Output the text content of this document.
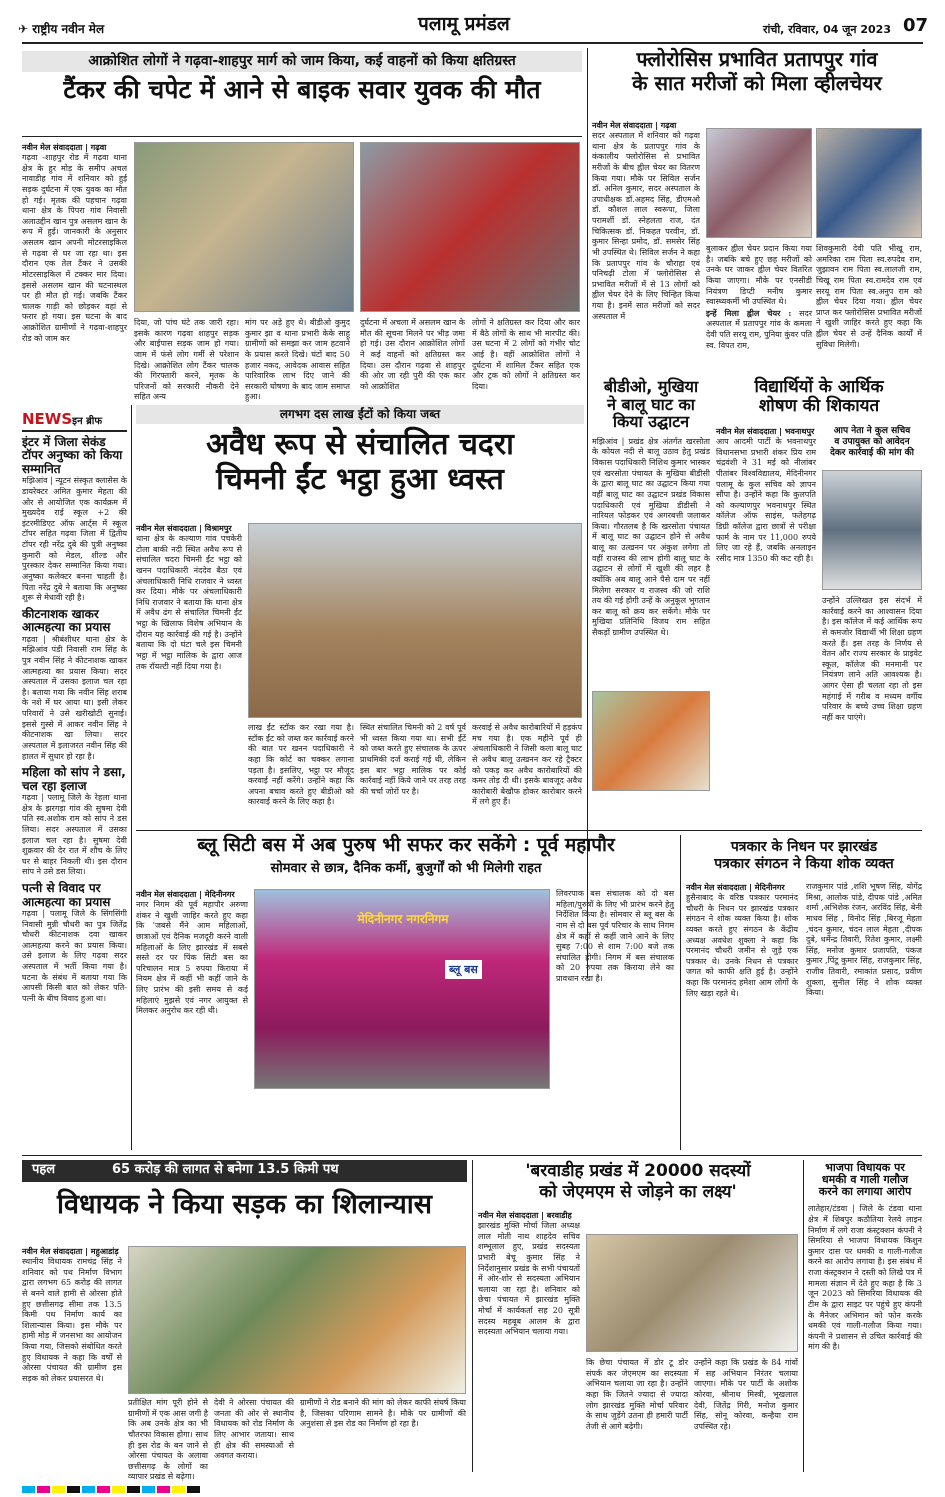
✈ राष्ट्रीय नवीन मेल	पलामू प्रमंडल	रांची, रविवार, 04 जून 2023 07
आक्रोशित लोगों ने गढ़वा-शाहपुर मार्ग को जाम किया, कई वाहनों को किया क्षतिग्रस्त
टैंकर की चपेट में आने से बाइक सवार युवक की मौत
नवीन मेल संवाददाता | गढ़वा
गढ़वा -शाहपुर रोड में गढ़वा थाना क्षेत्र के हुर मोड़ के समीप अचल नावाडीह गांव में शनिवार को हुई सड़क दुर्घटना में एक युवक का मौत हो गई। मृतक की पहचान गढ़वा थाना क्षेत्र के पिपरा गांव निवासी अलाउद्दीन खान पुत्र असलम खान के रूप में हुई। जानकारी के अनुसार असलम खान अपनी मोटरसाइकिल से गढ़वा से घर जा रहा था। इस दौरान एक तेल टैंकर ने उसकी मोटरसाइकिल में टक्कर मार दिया। इससे असलम खान की घटनास्थल पर ही मौत हो गई। जबकि टैंकर चालक गाड़ी को छोड़कर वहां से फरार हो गया। इस घटना के बाद आक्रोशित ग्रामीणों ने गढ़वा-शाहपुर रोड को जाम कर
दिया, जो पांच घंटे तक जारी रहा। इसके कारण गढ़वा शाहपुर सड़क और बाईपास सड़क जाम हो गया। जाम में फंसे लोग गर्मी से परेशान दिखे। आक्रोशित लोग टैंकर चालक की गिरफ्तारी करने, मृतक के परिजनों को सरकारी नौकरी देने सहित अन्य
मांग पर अड़े हुए थे। बीडीओ कुमुद कुमार झा व थाना प्रभारी केके साहू ग्रामीणों को समझा कर जाम हटवाने के प्रयास करते दिखे। घंटों बाद 50 हजार नकद, आवेदक आवास सहित पारिवारिक लाभ दिए जाने की सरकारी घोषणा के बाद जाम समाप्त हुआ।
दुर्घटना में अचला में असलम खान के मौत की सूचना मिलने पर भीड़ जमा हो गई। उस दौरान आक्रोशित लोगों ने कई वाहनों को क्षतिग्रस्त कर दिया। उस दौरान गढ़वा से शाहपुर की ओर जा रही पुरी की एक कार को आक्रोशित
लोगों ने क्षतिग्रस्त कर दिया और कार में बैठे लोगों के साथ भी मारपीट की। उस घटना में 2 लोगों को गंभीर चोट आई है। वहीं आक्रोशित लोगों ने दुर्घटना में शामिल टैंकर सहित एक और ट्रक को लोगों ने क्षतिग्रस्त कर दिया।
फ्लोरोसिस प्रभावित प्रतापपुर गांव
के सात मरीजों को मिला व्हीलचेयर
नवीन मेल संवाददाता | गढ़वा
सदर अस्पताल में शनिवार को गढ़वा थाना क्षेत्र के प्रतापपुर गांव के कंकालीय फ्लोरोसिस से प्रभावित मरीजों के बीच ह्वील चेयर का वितरण किया गया। मौके पर सिविल सर्जन डॉ. अनिल कुमार, सदर अस्पताल के उपाधीक्षक डॉ.अहमद सिंह, डीएमओ डॉ. कौशल लाल स्वरूपा, जिला परामर्शी डॉ. स्नेहलता राज, दंत चिकित्सक डॉ. निकहत परवीन, डॉ. कुमार सिन्हा प्रमोद, डॉ. समसेर सिंह भी उपस्थित थे। सिविल सर्जन ने कहा कि प्रतापपुर गांव के चौराहा एवं पनिचढ़ी टोला में फ्लोरोसिस से प्रभावित मरीजों में से 13 लोगों को ह्वील चेयर देने के लिए चिन्हित किया गया है। इनमें सात मरीजों को सदर अस्पताल में
बुलाकर ह्वील चेयर प्रदान किया गया है। जबकि बचे हुए छह मरीजों को उनके घर जाकर ह्वील चेयर वितरित किया जाएगा। मौके पर एनसीडी नियंत्रण डिप्टी मनीष कुमार स्वास्थ्यकर्मी भी उपस्थित थे।
इन्हें मिला ह्वील चेयर : सदर अस्पताल में प्रतापपुर गांव के कमला देवी पति सरयू राम, पुनिया कुंवर पति स्व. विपत राम,
शिवकुमारी देवी पति भीखू राम, अमरिका राम पिता स्व.रुपदेव राम, जुझावन राम पिता स्व.लालजी राम, चिखू राम पिता स्व.रामदेव राम एवं सरयू राम पिता स्व.अनुप राम को ह्वील चेयर दिया गया। ह्वील चेयर प्राप्त कर फ्लोरोसिस प्रभावित मरीजों ने खुशी जाहिर करते हुए कहा कि ह्वील चेयर से उन्हें दैनिक कार्यों में सुविधा मिलेगी।
NEWSइन ब्रीफ
इंटर में जिला सेकंड टॉपर अनुष्का को किया सम्मानित
मझिआंव | न्यूटन संस्कृत क्लासेस के डायरेक्टर अमित कुमार मेहता की ओर से आयोजित एक कार्यक्रम में मुख्यदेव राई स्कूल +2 की इंटरमीडिएट ऑफ आर्ट्स में स्कूल टॉपर सहित गढ़वा जिला में द्वितीय टॉपर रही नरेंद्र दुबे की पुत्री अनुष्का कुमारी को मेडल, शील्ड और पुरस्कार देकर सम्मानित किया गया। अनुष्का कलेक्टर बनना चाहती है। पिता नरेंद्र दुबे ने बताया कि अनुष्का शुरू से मेधावी रही है।
कीटनाशक खाकर आत्महत्या का प्रयास
गढ़वा | श्रीबंशीधर थाना क्षेत्र के मझिआंव पंडी निवासी राम सिंह के पुत्र नवीन सिंह ने कीटनाशक खाकर आत्महत्या का प्रयास किया। सदर अस्पताल में उसका इलाज चल रहा है। बताया गया कि नवीन सिंह शराब के नशे में घर आया था। इसी लेकर परिवारों ने उसे खरीखोटी सुनाई। इससे गुस्से में आकर नवीन सिंह ने कीटनाशक खा लिया। सदर अस्पताल में इलाजरत नवीन सिंह की हालत में सुधार हो रहा है।
महिला को सांप ने डसा, चल रहा इलाज
गढ़वा | पलामू जिले के रेहला थाना क्षेत्र के झरगड़ा गांव की सुषमा देवी पति स्व.अशोक राम को सांप ने डस लिया। सदर अस्पताल में उसका इलाज चल रहा है। सुषमा देवी शुक्रवार की देर रात में शौच के लिए घर से बाहर निकली थी। इस दौरान सांप ने उसे डस लिया।
पत्नी से विवाद पर आत्महत्या का प्रयास
गढ़वा | पलामू जिले के सिंगसिंगी निवासी मुन्नी चौधरी का पुत्र जितेंद्र चौधरी कीटनाशक दवा खाकर आत्महत्या करने का प्रयास किया। उसे इलाज के लिए गढ़वा सदर अस्पताल में भर्ती किया गया है। घटना के संबंध में बताया गया कि आपसी किसी बात को लेकर पति-पत्नी के बीच विवाद हुआ था।
लगभग दस लाख ईंटों को किया जब्त
अवैध रूप से संचालित चदरा
चिमनी ईंट भट्ठा हुआ ध्वस्त
नवीन मेल संवाददाता | विश्रामपुर
थाना क्षेत्र के कल्याण गांव पचकेरी टोला बाकी नदी स्थित अवैध रूप से संचालित चदरा चिमनी ईंट भट्ठा को खनन पदाधिकारी नंददेव बैठा एवं अंचलाधिकारी निधि राजवार ने ध्वस्त कर दिया। मौके पर अंचलाधिकारी निधि राजवार ने बताया कि थाना क्षेत्र में अवैध ढंग से संचालित चिमनी ईंट भट्ठा के खिलाफ विशेष अभियान के दौरान यह कार्रवाई की गई है। उन्होंने बताया कि दो घंटा चले इस चिमनी भट्ठा में भट्ठा मालिक के द्वारा आज तक रॉयल्टी नहीं दिया गया है।
लाख ईंट स्टॉक कर रखा गया है। स्टॉक ईंट को जब्त कर कार्रवाई करने की बात पर खनन पदाधिकारी ने कहा कि कोर्ट का चक्कर लगाना पड़ता है। इसलिए, भट्ठा पर मौजूद करवाई नहीं करेंगे। उन्होंने कहा कि अपना बचाव करते हुए बीडीओ को कारवाई करने के लिए कहा है।
स्थित संचालित चिमनी को 2 वर्ष पूर्व भी ध्वस्त किया गया था। सभी ईंटें को जब्त करते हुए संचालक के ऊपर प्राथमिकी दर्ज कराई गई थी, लेकिन इस बार भट्ठा मालिक पर कोई कार्रवाई नहीं किये जाने पर तरह तरह की चर्चा जोरों पर है।
करवाई से अवैध कारोबारियों में हड़कंप मच गया है। एक महीने पूर्व ही अंचलाधिकारी ने जिसी कला बालू घाट से अवैध बालू उत्खनन कर रहे ट्रैक्टर को पकड़ कर अवैध कारोबारियों की कमर तोड़ दी थी। इसके बावजूद अवैध कारोबारी बेखौफ होकर कारोबार करने में लगे हुए हैं।
बीडीओ, मुखिया
ने बालू घाट का
किया उद्घाटन
मझिआंव | प्रखंड क्षेत्र अंतर्गत खरसोता के कोयल नदी से बालू उठाव हेतु प्रखंड विकास पदाधिकारी निशिथ कुमार भास्कर एवं खरसोता पंचायत के मुखिया बीडीसी के द्वारा बालू घाट का उद्घाटन किया गया वहीं बालू घाट का उद्घाटन प्रखंड विकास पदाधिकारी एवं मुखिया डीडीसी ने नारियल फोड़कर एवं अगरबत्ती जलाकर किया। गौरतलब है कि खरसोता पंचायत में बालू घाट का उद्घाटन होने से अवैध बालू का उत्खनन पर अंकुश लगेगा तो वहीं राजस्व की लाभ होगी बालू घाट के उद्घाटन से लोगों में खुशी की लहर है क्योंकि अब बालू आने पैसे दाम पर नहीं मिलेगा सरकार व राजस्व की जो राशि तय की गई होगी उन्हें के अनुकूल भुगतान कर बालू को क्रय कर सकेंगे। मौके पर मुखिया प्रतिनिधि विजय राम सहित सैकड़ों ग्रामीण उपस्थित थे।
विद्यार्थियों के आर्थिक
शोषण की शिकायत
नवीन मेल संवाददाता | भवनाथपुर
आप आदमी पार्टी के भवनाथपुर विधानसभा प्रभारी शंकर प्रिय राम चंद्रवंशी ने 31 मई को नीलांबर पीतांबर विश्वविद्यालय, मेदिनीनगर पलामू के कुल सचिव को ज्ञापन सौंपा है। उन्होंने कहा कि कुलपति को कल्याणपुर भवनाथपुर स्थित कॉलेज ऑफ साइंस, फतेहगढ़ डिग्री कॉलेज द्वारा छात्रों से परीक्षा फार्म के नाम पर 11,000 रुपये लिए जा रहे हैं, जबकि अनलाइन रसीद मात्र 1350 की कट रही है।
आप नेता ने कुल सचिव
व उपायुक्त को आवेदन
देकर कार्रवाई की मांग की
उन्होंने उल्लिखत इस संदर्भ में कार्रवाई करने का आश्वासन दिया है। इस कॉलेज में कई आर्थिक रूप से कमजोर विद्यार्थी भी शिक्षा ग्रहण करते हैं। इस तरह के निर्णय से वेतन और राज्य सरकार के प्राइवेट स्कूल, कॉलेज की मनमानी पर नियंत्रण लाने अति आवश्यक है। आगर ऐसा ही चलता रहा तो इस महंगाई में गरीब व मध्यम वर्गीय परिवार के बच्चे उच्च शिक्षा ग्रहण नहीं कर पाएंगे।
ब्लू सिटी बस में अब पुरुष भी सफर कर सकेंगे : पूर्व महापौर
सोमवार से छात्र, दैनिक कर्मी, बुजुर्गों को भी मिलेगी राहत
नवीन मेल संवाददाता | मेदिनीनगर
नगर निगम की पूर्व महापौर अरुणा शंकर ने खुशी जाहिर करते हुए कहा कि 'जबसे मैंने आम महिलाओं, छात्राओं एवं दैनिक मजदूरी करने वाली महिलाओं के लिए झारखंड में सबसे सस्ते दर पर पिंक सिटी बस का परिचालन मात्र 5 रुपया किराया में नियम क्षेत्र में कहीं भी कहीं जाने के लिए प्रारंभ की इसी समय से कई महिलाएं मुझसे एवं नगर आयुक्त से मिलकर अनुरोध कर रही थी।
मेदिनीनगर नगरनिगम
ब्लू बस
लिवरपाक बस संचालक को दो बस महिला/पुरुषों के लिए भी प्रारंभ करने हेतु निर्देशित किया है। सोमवार से ब्लू बस के नाम से दो बस पूर्व परिचार के साथ निगम क्षेत्र में कहीं से कहीं जाने आने के लिए सुबह 7:00 से शाम 7:00 बजे तक संचालित होगी। निगम में बस संचालक को 20 रुपया तक किराया लेने का प्रावधान रखा है।
पत्रकार के निधन पर झारखंड
पत्रकार संगठन ने किया शोक व्यक्त
नवीन मेल संवाददाता | मेदिनीनगर
हुसैनाबाद के वरिष्ठ पत्रकार परमानंद चौधरी के निधन पर झारखंड पत्रकार संगठन ने शोक व्यक्त किया है। शोक व्यक्त करते हुए संगठन के केंद्रीय अध्यक्ष अवधेश शुक्ला ने कहा कि परमानंद चौधरी जमीन से जुड़े एक पत्रकार थे। उनके निधन से पत्रकार जगत को काफी क्षति हुई है। उन्होंने कहा कि परमानंद हमेशा आम लोगों के लिए खड़ा रहते थे।
राजकुमार पांडे ,शशि भूषण सिंह, योगेंद्र मिश्रा, आलोक पांडे, दीपक पांडे ,अमित शर्मा ,अभिशेक रंजन, अरविंद सिंह, बेनी माधव सिंह , विनोद सिंह ,बिरजू मेहता ,चंदन कुमार, चंदन लाल मेहता ,दीपक दुबे, धर्मेन्द्र तिवारी, रितेश कुमार, लक्ष्मी सिंह, मनोज कुमार प्रजापति, पंकज कुमार ,पिंटू कुमार सिंह, राजकुमार सिंह, राजीव तिवारी, रमाकांत प्रसाद, प्रवीण शुक्ला, सुनील सिंह ने शोक व्यक्त किया।
पहल	65 करोड़ की लागत से बनेगा 13.5 किमी पथ
विधायक ने किया सड़क का शिलान्यास
नवीन मेल संवाददाता | महुआडांड़
स्थानीय विधायक रामचंद्र सिंह ने शनिवार को पथ निर्माण विभाग द्वारा लगभग 65 करोड़ की लागत से बनने वाले हामी से ओरसा होते हुए छत्तीसगढ़ सीमा तक 13.5 किमी पथ निर्माण कार्य का शिलान्यास किया। इस मौके पर हामी मोड़ में जनसभा का आयोजन किया गया, जिसको संबोधित करते हुए विधायक ने कहा कि वर्षों से ओरसा पंचायत की ग्रामीण इस सड़क को लेकर प्रयासरत थे।
प्रतीक्षित मांग पूरी होने से ग्रामीणों में एक आस जगी है कि अब उनके क्षेत्र का भी चौतरफा विकास होगा। साथ ही इस रोड के बन जाने से ओरसा पंचायत के अलावा छत्तीसगढ़ के लोगों का व्यापार प्रखंड से बढ़ेगा।
देवी ने ओरसा पंचायत की जनता की ओर से स्थानीय विधायक को रोड निर्माण के लिए आभार जताया। साथ ही क्षेत्र की समस्याओं से अवगत कराया।
ग्रामीणों ने रोड बनाने की मांग को लेकर काफी संघर्ष किया है, जिसका परिणाम सामने है। मौके पर ग्रामीणों की अनुशंसा से इस रोड का निर्माण हो रहा है।
'बरवाडीह प्रखंड में 20000 सदस्यों
को जेएमएम से जोड़ने का लक्ष्य'
नवीन मेल संवाददाता | बरवाडीह
झारखंड मुक्ति मोर्चा जिला अध्यक्ष लाल मोती नाथ शाहदेव सचिव शम्भूलाल हुए, प्रखंड सदस्यता प्रभारी बेचू कुमार सिंह ने निर्देशानुसार प्रखंड के सभी पंचायतों में ओर-शोर से सदस्यता अभियान चलाया जा रहा है। शनिवार को छेचा पंचायत में झारखंड मुक्ति मोर्चा में कार्यकर्ता सह 20 सूत्री सदस्य महबूब आलम के द्वारा सदस्यता अभियान चलाया गया।
कि छेचा पंचायत में डोर टू डोर संपर्क कर जेएमएम का सदस्यता अभियान चलाया जा रहा है। उन्होंने कहा कि जितने ज्यादा से ज्यादा लोग झारखंड मुक्ति मोर्चा परिवार के साथ जुड़ेंगे उतना ही हमारी पार्टी तेजी से आगे बढ़ेगी।
उन्होंने कहा कि प्रखंड के 84 गांवों में सह अभियान निरंतर चलाया जाएगा। मौके पर पार्टी के अशोक कोरवा, श्रीनाथ मिस्त्री, भूखलाल देवी, जितेंद्र गिरी, मनोज कुमार सिंह, सोनू कोरवा, कन्हैया राम उपस्थित रहे।
भाजपा विधायक पर
धमकी व गाली गलौज
करने का लगाया आरोप
लातेहार/टंडवा | जिले के टंडवा थाना क्षेत्र में शिबपुर कठौतिया रेलवे लाइन निर्माण में लगे राजा कंस्ट्रक्शन कंपनी ने सिमरिया से भाजपा विधायक किशुन कुमार दास पर धमकी व गाली-गलौज करने का आरोप लगाया है। इस संबंध में राजा कंस्ट्रक्शन ने दस्ती को लिखे पत्र में मामला संज्ञान में देते हुए कहा है कि 3 जून 2023 को सिमरिया विधायक की टीम के द्वारा साइट पर पहुंचे हुए कंपनी के मैनेजर अभिमान को फोन करके धमकी एवं गाली-गलौज किया गया। कंपनी ने प्रशासन से उचित कार्रवाई की मांग की है।
